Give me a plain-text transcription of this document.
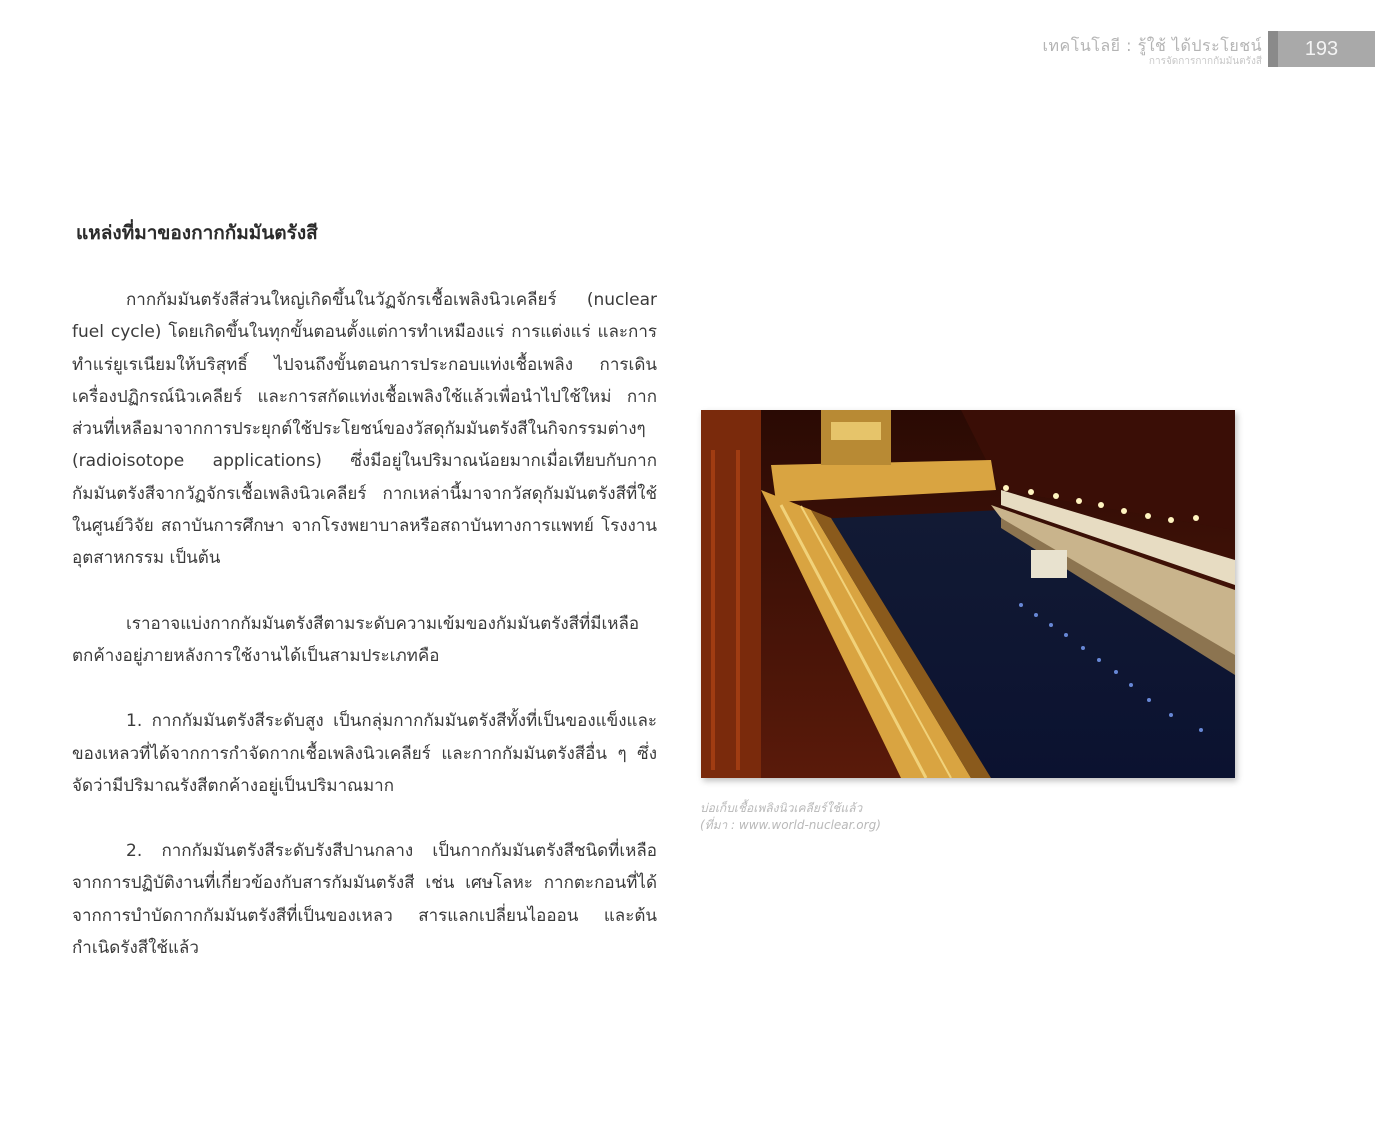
เทคโนโลยี : รู้ใช้ ได้ประโยชน์
การจัดการกากกัมมันตรังสี
193
แหล่งที่มาของกากกัมมันตรังสี

กากกัมมันตรังสีส่วนใหญ่เกิดขึ้นในวัฏจักรเชื้อเพลิงนิวเคลียร์ (nuclear fuel cycle) โดยเกิดขึ้นในทุกขั้นตอนตั้งแต่การทำเหมืองแร่ การแต่งแร่ และการทำแร่ยูเรเนียมให้บริสุทธิ์ ไปจนถึงขั้นตอนการประกอบแท่งเชื้อเพลิง การเดินเครื่องปฏิกรณ์นิวเคลียร์ และการสกัดแท่งเชื้อเพลิงใช้แล้วเพื่อนำไปใช้ใหม่ กากส่วนที่เหลือมาจากการประยุกต์ใช้ประโยชน์ของวัสดุกัมมันตรังสีในกิจกรรมต่างๆ (radioisotope applications) ซึ่งมีอยู่ในปริมาณน้อยมากเมื่อเทียบกับกากกัมมันตรังสีจากวัฏจักรเชื้อเพลิงนิวเคลียร์ กากเหล่านี้มาจากวัสดุกัมมันตรังสีที่ใช้ในศูนย์วิจัย สถาบันการศึกษา จากโรงพยาบาลหรือสถาบันทางการแพทย์ โรงงานอุตสาหกรรม เป็นต้น

เราอาจแบ่งกากกัมมันตรังสีตามระดับความเข้มของกัมมันตรังสีที่มีเหลือตกค้างอยู่ภายหลังการใช้งานได้เป็นสามประเภทคือ

1. กากกัมมันตรังสีระดับสูง เป็นกลุ่มกากกัมมันตรังสีทั้งที่เป็นของแข็งและของเหลวที่ได้จากการกำจัดกากเชื้อเพลิงนิวเคลียร์ และกากกัมมันตรังสีอื่น ๆ ซึ่งจัดว่ามีปริมาณรังสีตกค้างอยู่เป็นปริมาณมาก

2. กากกัมมันตรังสีระดับรังสีปานกลาง เป็นกากกัมมันตรังสีชนิดที่เหลือจากการปฏิบัติงานที่เกี่ยวข้องกับสารกัมมันตรังสี เช่น เศษโลหะ กากตะกอนที่ได้จากการบำบัดกากกัมมันตรังสีที่เป็นของเหลว สารแลกเปลี่ยนไอออน และต้นกำเนิดรังสีใช้แล้ว

บ่อเก็บเชื้อเพลิงนิวเคลียร์ใช้แล้ว
(ที่มา : www.world-nuclear.org)
